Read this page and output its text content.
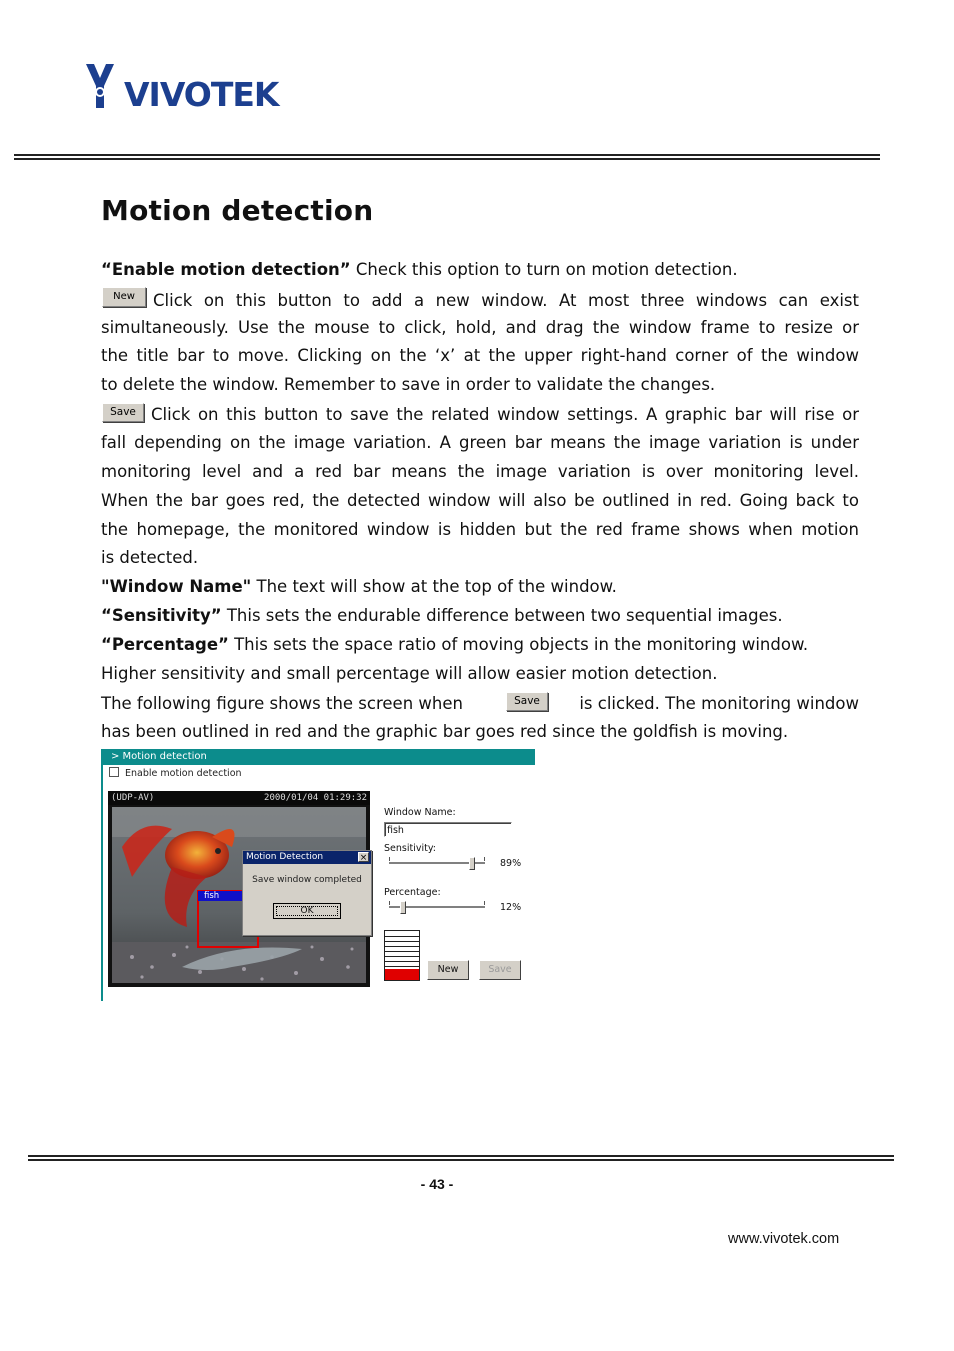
VIVOTEK
Motion detection
“Enable motion detection” Check this option to turn on motion detection.
New	Click on this button to add a new window. At most three windows can exist
simultaneously. Use the mouse to click, hold, and drag the window frame to resize or
the title bar to move. Clicking on the ‘x’ at the upper right-hand corner of the window
to delete the window. Remember to save in order to validate the changes.
Save Click on this button to save the related window settings. A graphic bar will rise or
fall depending on the image variation. A green bar means the image variation is under
monitoring level and a red bar means the image variation is over monitoring level.
When the bar goes red, the detected window will also be outlined in red. Going back to
the homepage, the monitored window is hidden but the red frame shows when motion
is detected.
"Window Name" The text will show at the top of the window.
“Sensitivity” This sets the endurable difference between two sequential images.
“Percentage” This sets the space ratio of moving objects in the monitoring window.
Higher sensitivity and small percentage will allow easier motion detection.
The following figure shows the screen when	Save	is clicked. The monitoring window
has been outlined in red and the graphic bar goes red since the goldfish is moving.
> Motion detection
Enable motion detection
(UDP-AV)	2000/01/04 01:29:32
fish
Motion Detection	×
Save window completed
OK
Window Name:
fish
Sensitivity:
89%
Percentage:
12%
New	Save
- 43 -
www.vivotek.com
